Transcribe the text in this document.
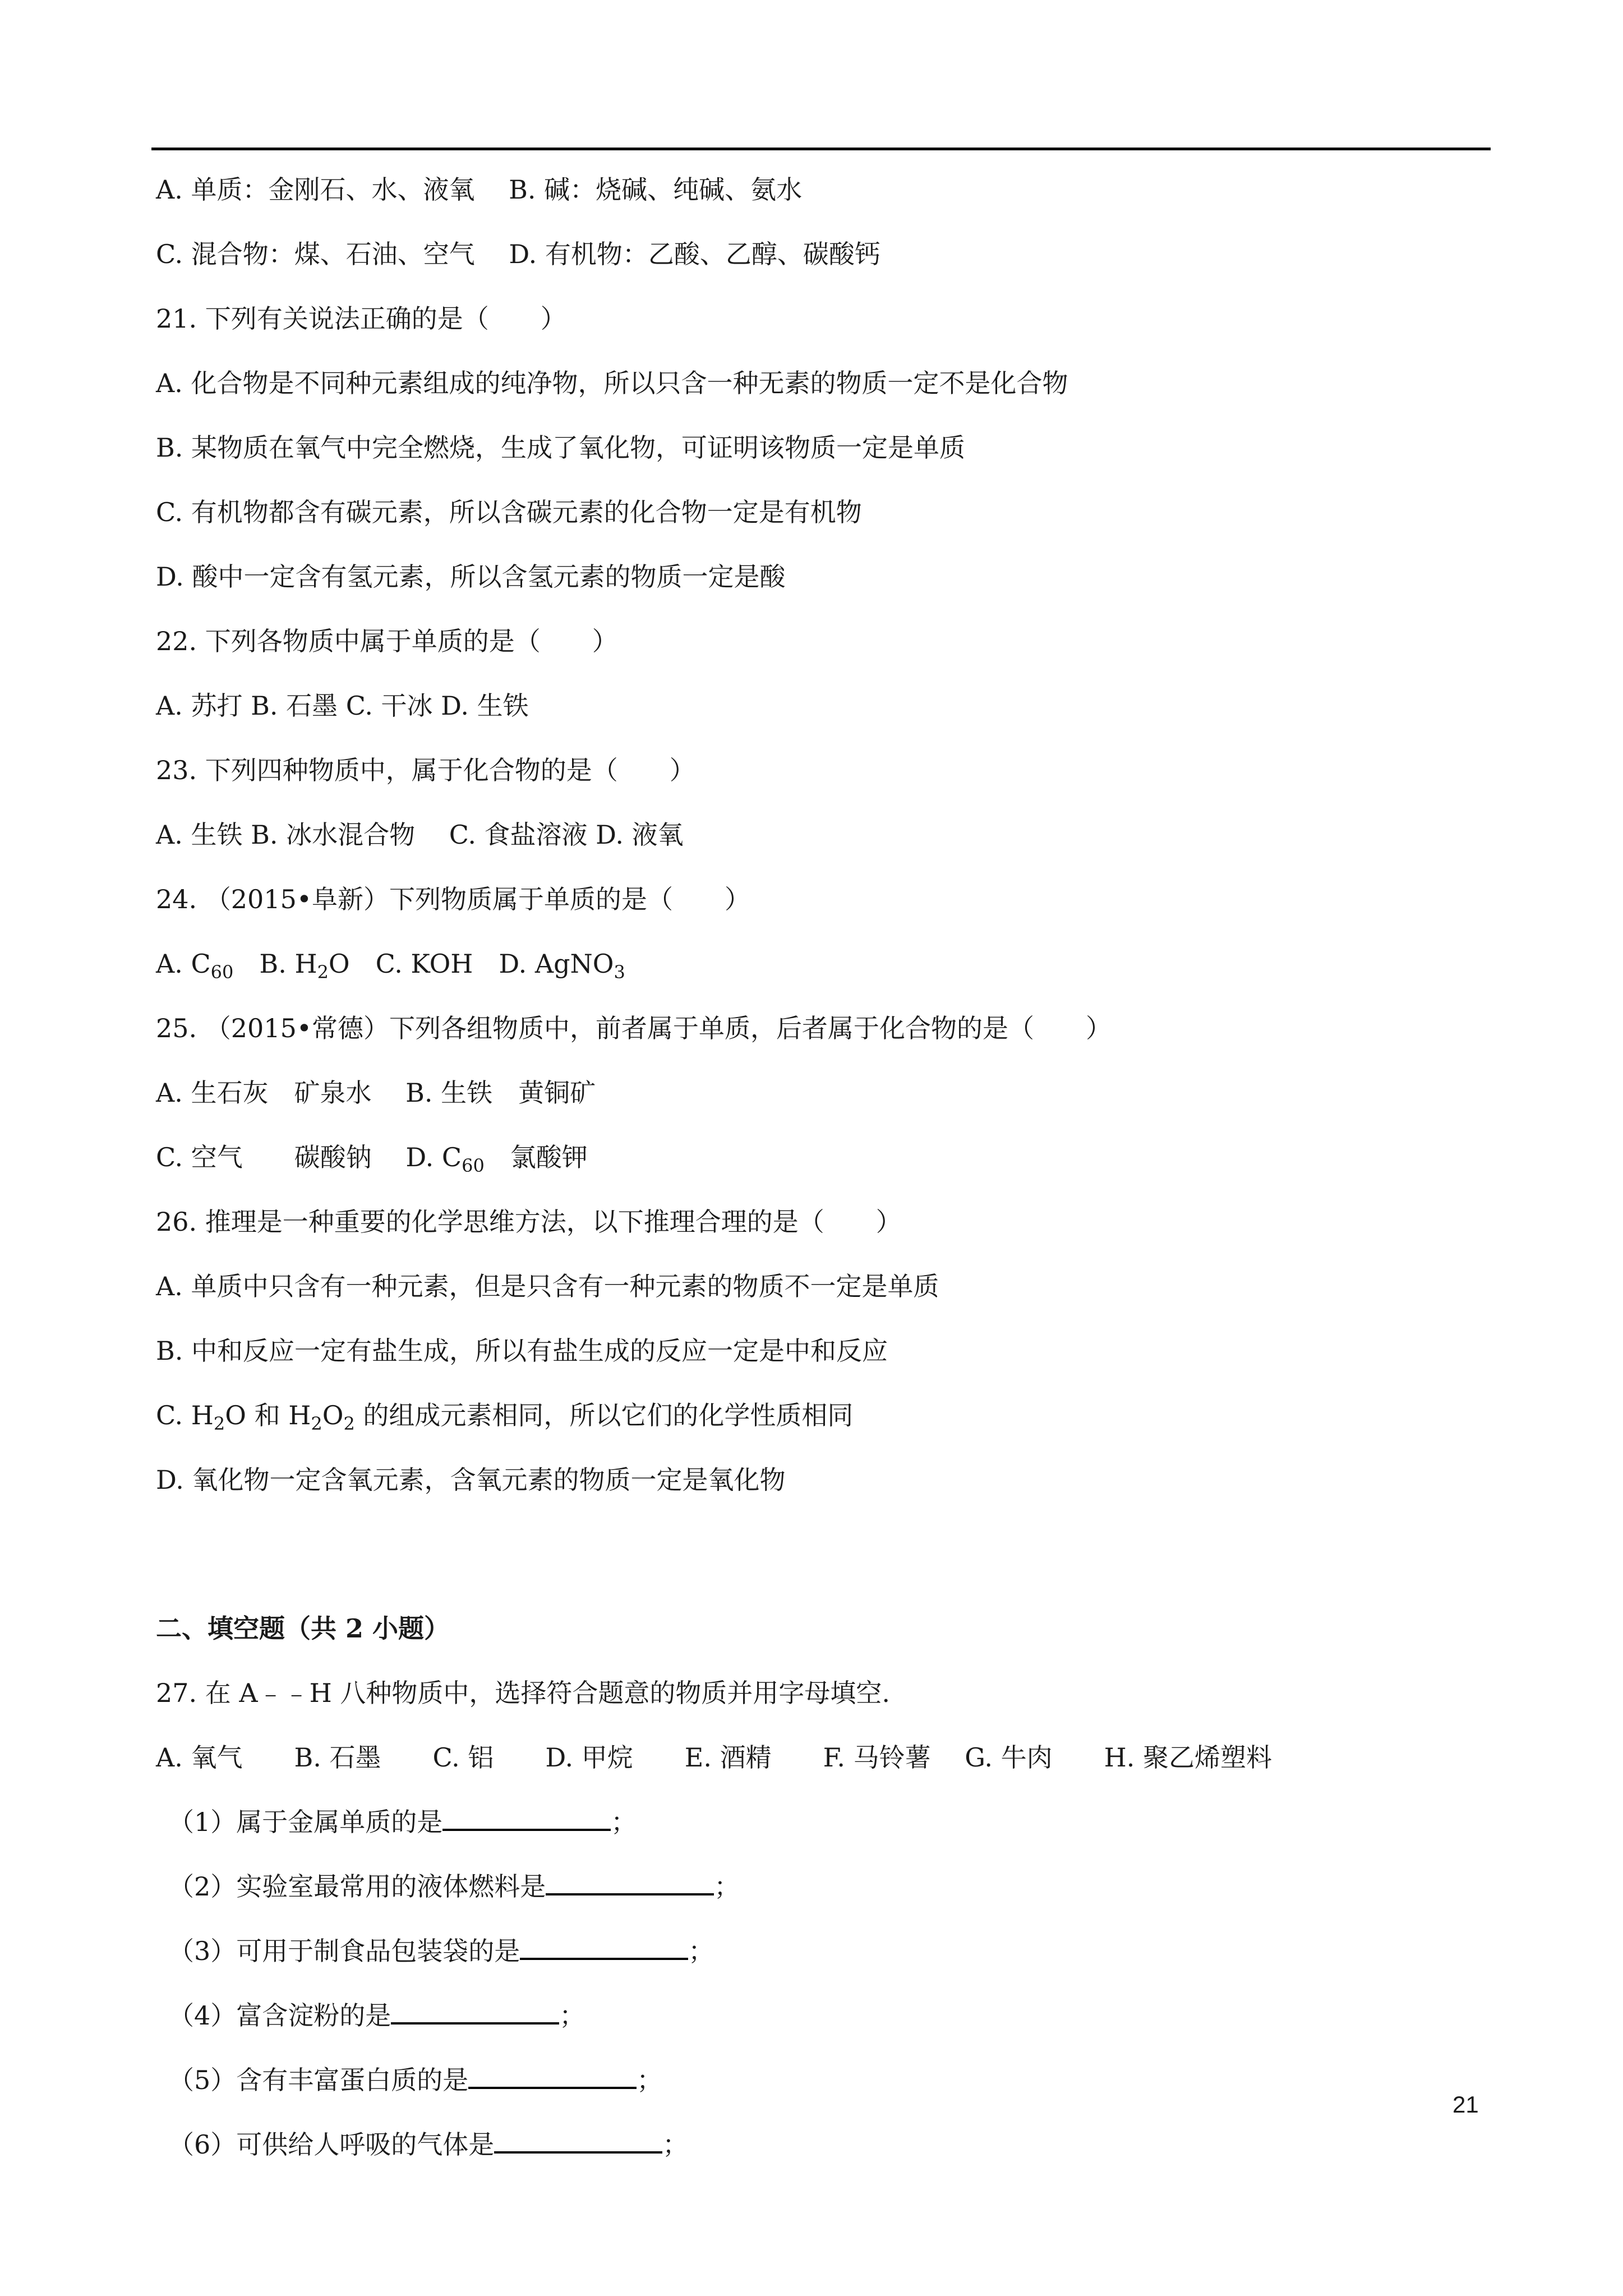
A. 单质：金刚石、水、液氧　 B. 碱：烧碱、纯碱、氨水
C. 混合物：煤、石油、空气　 D. 有机物：乙酸、乙醇、碳酸钙
21. 下列有关说法正确的是（　　）
A. 化合物是不同种元素组成的纯净物，所以只含一种无素的物质一定不是化合物
B. 某物质在氧气中完全燃烧，生成了氧化物，可证明该物质一定是单质
C. 有机物都含有碳元素，所以含碳元素的化合物一定是有机物
D. 酸中一定含有氢元素，所以含氢元素的物质一定是酸
22. 下列各物质中属于单质的是（　　）
A. 苏打 B. 石墨 C. 干冰 D. 生铁
23. 下列四种物质中，属于化合物的是（　　）
A. 生铁 B. 冰水混合物　 C. 食盐溶液 D. 液氧
24. （2015•阜新）下列物质属于单质的是（　　）
A. $C_{60}$　B. $H_2O$　C. KOH　D. AgNO$_3$
25. （2015•常德）下列各组物质中，前者属于单质，后者属于化合物的是（　　）
A. 生石灰　矿泉水　 B. 生铁　黄铜矿
C. 空气　　碳酸钠　 D. $C_{60}$　氯酸钾
26. 推理是一种重要的化学思维方法，以下推理合理的是（　　）
A. 单质中只含有一种元素，但是只含有一种元素的物质不一定是单质
B. 中和反应一定有盐生成，所以有盐生成的反应一定是中和反应
C. $H_2O$ 和 $H_2O_2$ 的组成元素相同，所以它们的化学性质相同
D. 氧化物一定含氧元素，含氧元素的物质一定是氧化物
二、填空题（共 2 小题）
27. 在 A﹣﹣H 八种物质中，选择符合题意的物质并用字母填空.
A. 氧气　　B. 石墨　　C. 铝　　D. 甲烷　　E. 酒精　　F. 马铃薯　 G. 牛肉　　H. 聚乙烯塑料
（1）属于金属单质的是	；
（2）实验室最常用的液体燃料是	；
（3）可用于制食品包装袋的是	；
（4）富含淀粉的是	；
（5）含有丰富蛋白质的是	；
（6）可供给人呼吸的气体是	；
21
